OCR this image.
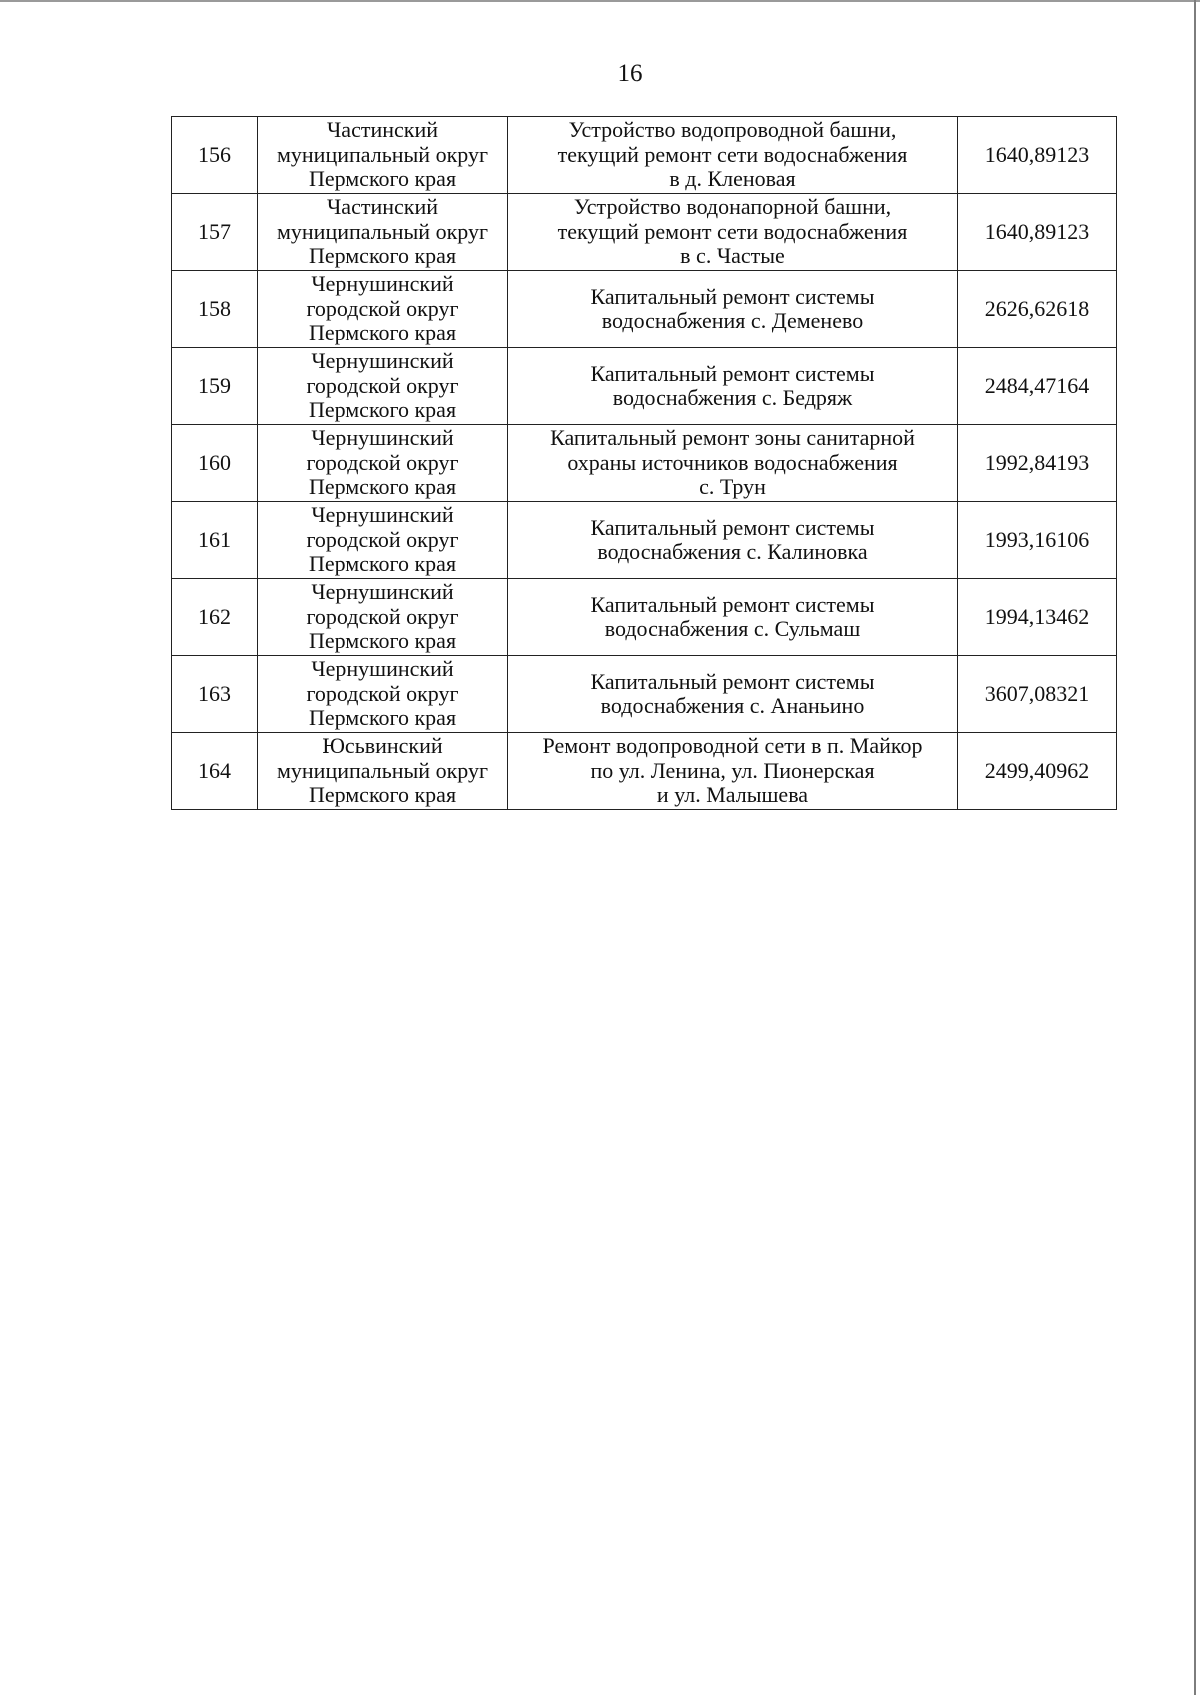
16
156	Частинский
муниципальный округ
Пермского края	Устройство водопроводной башни,
текущий ремонт сети водоснабжения
в д. Кленовая	1640,89123
157	Частинский
муниципальный округ
Пермского края	Устройство водонапорной башни,
текущий ремонт сети водоснабжения
в с. Частые	1640,89123
158	Чернушинский
городской округ
Пермского края	Капитальный ремонт системы
водоснабжения с. Деменево	2626,62618
159	Чернушинский
городской округ
Пермского края	Капитальный ремонт системы
водоснабжения с. Бедряж	2484,47164
160	Чернушинский
городской округ
Пермского края	Капитальный ремонт зоны санитарной
охраны источников водоснабжения
с. Трун	1992,84193
161	Чернушинский
городской округ
Пермского края	Капитальный ремонт системы
водоснабжения с. Калиновка	1993,16106
162	Чернушинский
городской округ
Пермского края	Капитальный ремонт системы
водоснабжения с. Сульмаш	1994,13462
163	Чернушинский
городской округ
Пермского края	Капитальный ремонт системы
водоснабжения с. Ананьино	3607,08321
164	Юсьвинский
муниципальный округ
Пермского края	Ремонт водопроводной сети в п. Майкор
по ул. Ленина, ул. Пионерская
и ул. Малышева	2499,40962
